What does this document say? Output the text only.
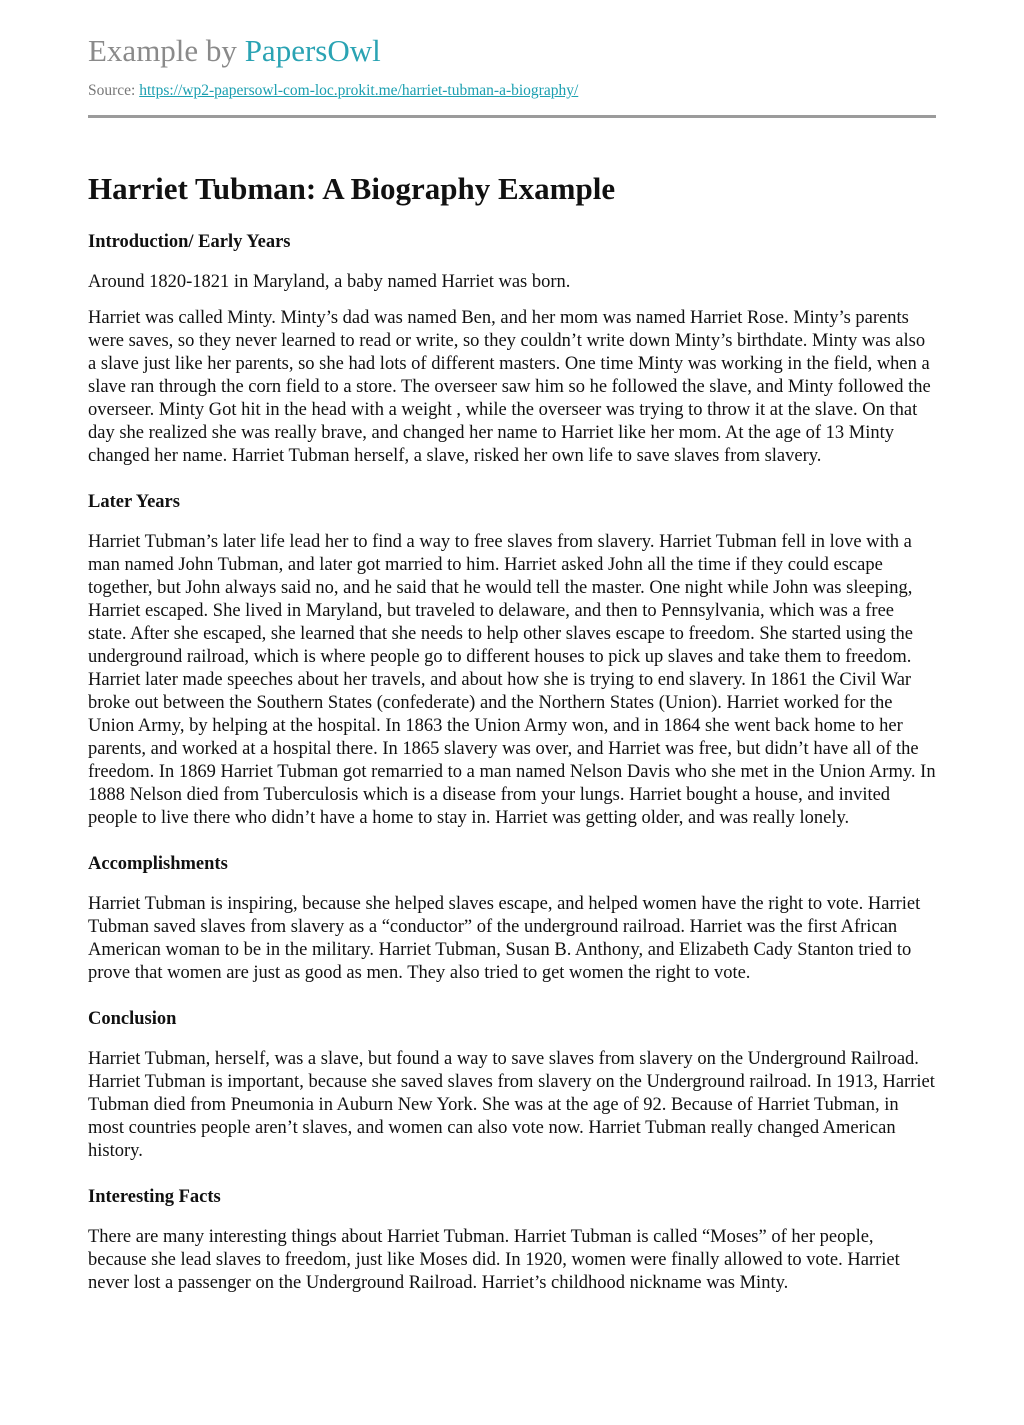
Example by PapersOwl
Source: https://wp2-papersowl-com-loc.prokit.me/harriet-tubman-a-biography/
Harriet Tubman: A Biography Example
Introduction/ Early Years

Around 1820-1821 in Maryland, a baby named Harriet was born.

Harriet was called Minty. Minty’s dad was named Ben, and her mom was named Harriet Rose. Minty’s parents were saves, so they never learned to read or write, so they couldn’t write down Minty’s birthdate. Minty was also a slave just like her parents, so she had lots of different masters. One time Minty was working in the field, when a slave ran through the corn field to a store. The overseer saw him so he followed the slave, and Minty followed the overseer. Minty Got hit in the head with a weight , while the overseer was trying to throw it at the slave. On that day she realized she was really brave, and changed her name to Harriet like her mom. At the age of 13 Minty changed her name. Harriet Tubman herself, a slave, risked her own life to save slaves from slavery.

Later Years

Harriet Tubman’s later life lead her to find a way to free slaves from slavery. Harriet Tubman fell in love with a man named John Tubman, and later got married to him. Harriet asked John all the time if they could escape together, but John always said no, and he said that he would tell the master. One night while John was sleeping, Harriet escaped. She lived in Maryland, but traveled to delaware, and then to Pennsylvania, which was a free state. After she escaped, she learned that she needs to help other slaves escape to freedom. She started using the underground railroad, which is where people go to different houses to pick up slaves and take them to freedom. Harriet later made speeches about her travels, and about how she is trying to end slavery. In 1861 the Civil War broke out between the Southern States (confederate) and the Northern States (Union). Harriet worked for the Union Army, by helping at the hospital. In 1863 the Union Army won, and in 1864 she went back home to her parents, and worked at a hospital there. In 1865 slavery was over, and Harriet was free, but didn’t have all of the freedom. In 1869 Harriet Tubman got remarried to a man named Nelson Davis who she met in the Union Army. In 1888 Nelson died from Tuberculosis which is a disease from your lungs. Harriet bought a house, and invited people to live there who didn’t have a home to stay in. Harriet was getting older, and was really lonely.

Accomplishments

Harriet Tubman is inspiring, because she helped slaves escape, and helped women have the right to vote. Harriet Tubman saved slaves from slavery as a “conductor” of the underground railroad. Harriet was the first African American woman to be in the military. Harriet Tubman, Susan B. Anthony, and Elizabeth Cady Stanton tried to prove that women are just as good as men. They also tried to get women the right to vote.

Conclusion

Harriet Tubman, herself, was a slave, but found a way to save slaves from slavery on the Underground Railroad. Harriet Tubman is important, because she saved slaves from slavery on the Underground railroad. In 1913, Harriet Tubman died from Pneumonia in Auburn New York. She was at the age of 92. Because of Harriet Tubman, in most countries people aren’t slaves, and women can also vote now. Harriet Tubman really changed American history.

Interesting Facts

There are many interesting things about Harriet Tubman. Harriet Tubman is called “Moses” of her people, because she lead slaves to freedom, just like Moses did. In 1920, women were finally allowed to vote. Harriet never lost a passenger on the Underground Railroad. Harriet’s childhood nickname was Minty.
